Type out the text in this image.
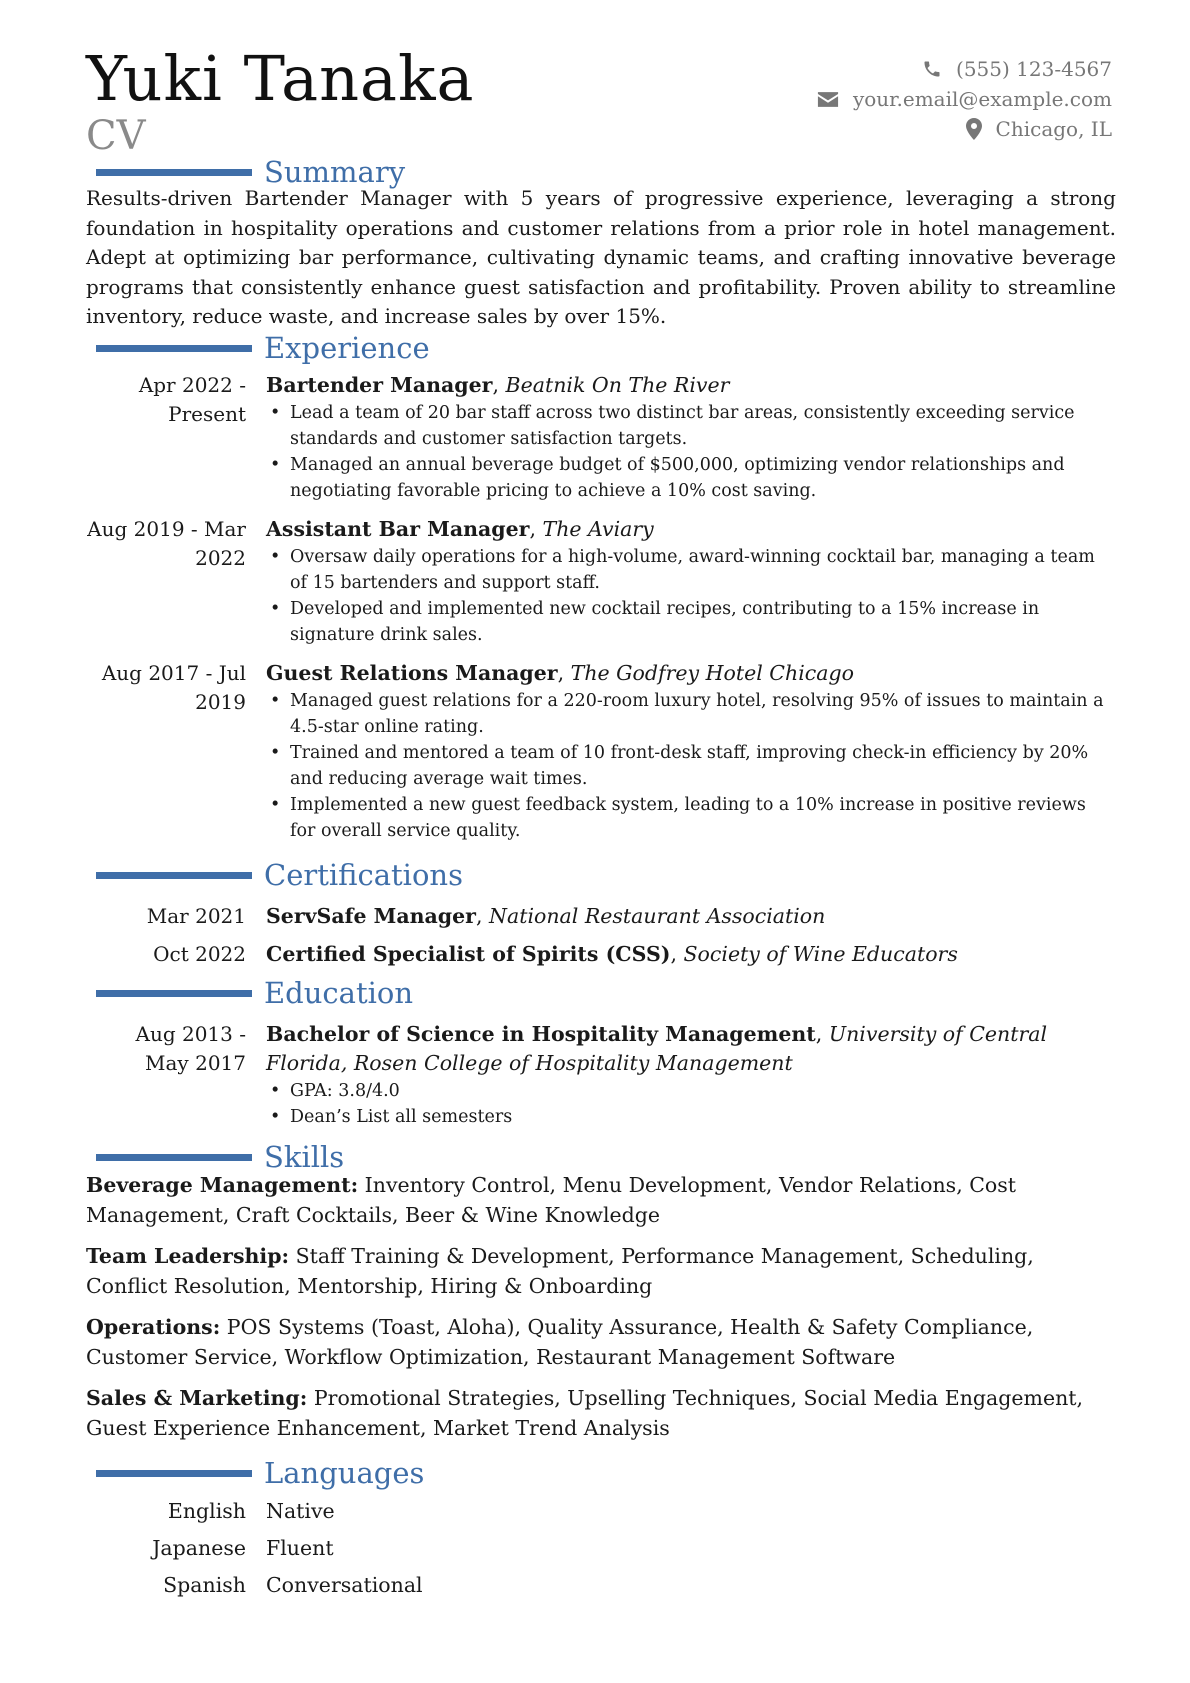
Yuki Tanaka
CV
(555) 123-4567
your.email@example.com
Chicago, IL
Summary
Results-driven Bartender Manager with 5 years of progressive experience, leveraging a strong foundation in hospitality operations and customer relations from a prior role in hotel management. Adept at optimizing bar performance, cultivating dynamic teams, and crafting innovative beverage programs that consistently enhance guest satisfaction and profitability. Proven ability to streamline inventory, reduce waste, and increase sales by over 15%.
Experience
Apr 2022 - Present
Bartender Manager, Beatnik On The River
• Lead a team of 20 bar staff across two distinct bar areas, consistently exceeding service standards and customer satisfaction targets.
• Managed an annual beverage budget of $500,000, optimizing vendor relationships and negotiating favorable pricing to achieve a 10% cost saving.
Aug 2019 - Mar 2022
Assistant Bar Manager, The Aviary
• Oversaw daily operations for a high-volume, award-winning cocktail bar, managing a team of 15 bartenders and support staff.
• Developed and implemented new cocktail recipes, contributing to a 15% increase in signature drink sales.
Aug 2017 - Jul 2019
Guest Relations Manager, The Godfrey Hotel Chicago
• Managed guest relations for a 220-room luxury hotel, resolving 95% of issues to maintain a 4.5-star online rating.
• Trained and mentored a team of 10 front-desk staff, improving check-in efficiency by 20% and reducing average wait times.
• Implemented a new guest feedback system, leading to a 10% increase in positive reviews for overall service quality.
Certifications
Mar 2021 ServSafe Manager, National Restaurant Association
Oct 2022 Certified Specialist of Spirits (CSS), Society of Wine Educators
Education
Aug 2013 - May 2017
Bachelor of Science in Hospitality Management, University of Central Florida, Rosen College of Hospitality Management
• GPA: 3.8/4.0
• Dean’s List all semesters
Skills
Beverage Management: Inventory Control, Menu Development, Vendor Relations, Cost Management, Craft Cocktails, Beer & Wine Knowledge
Team Leadership: Staff Training & Development, Performance Management, Scheduling, Conflict Resolution, Mentorship, Hiring & Onboarding
Operations: POS Systems (Toast, Aloha), Quality Assurance, Health & Safety Compliance, Customer Service, Workflow Optimization, Restaurant Management Software
Sales & Marketing: Promotional Strategies, Upselling Techniques, Social Media Engagement, Guest Experience Enhancement, Market Trend Analysis
Languages
English Native
Japanese Fluent
Spanish Conversational
